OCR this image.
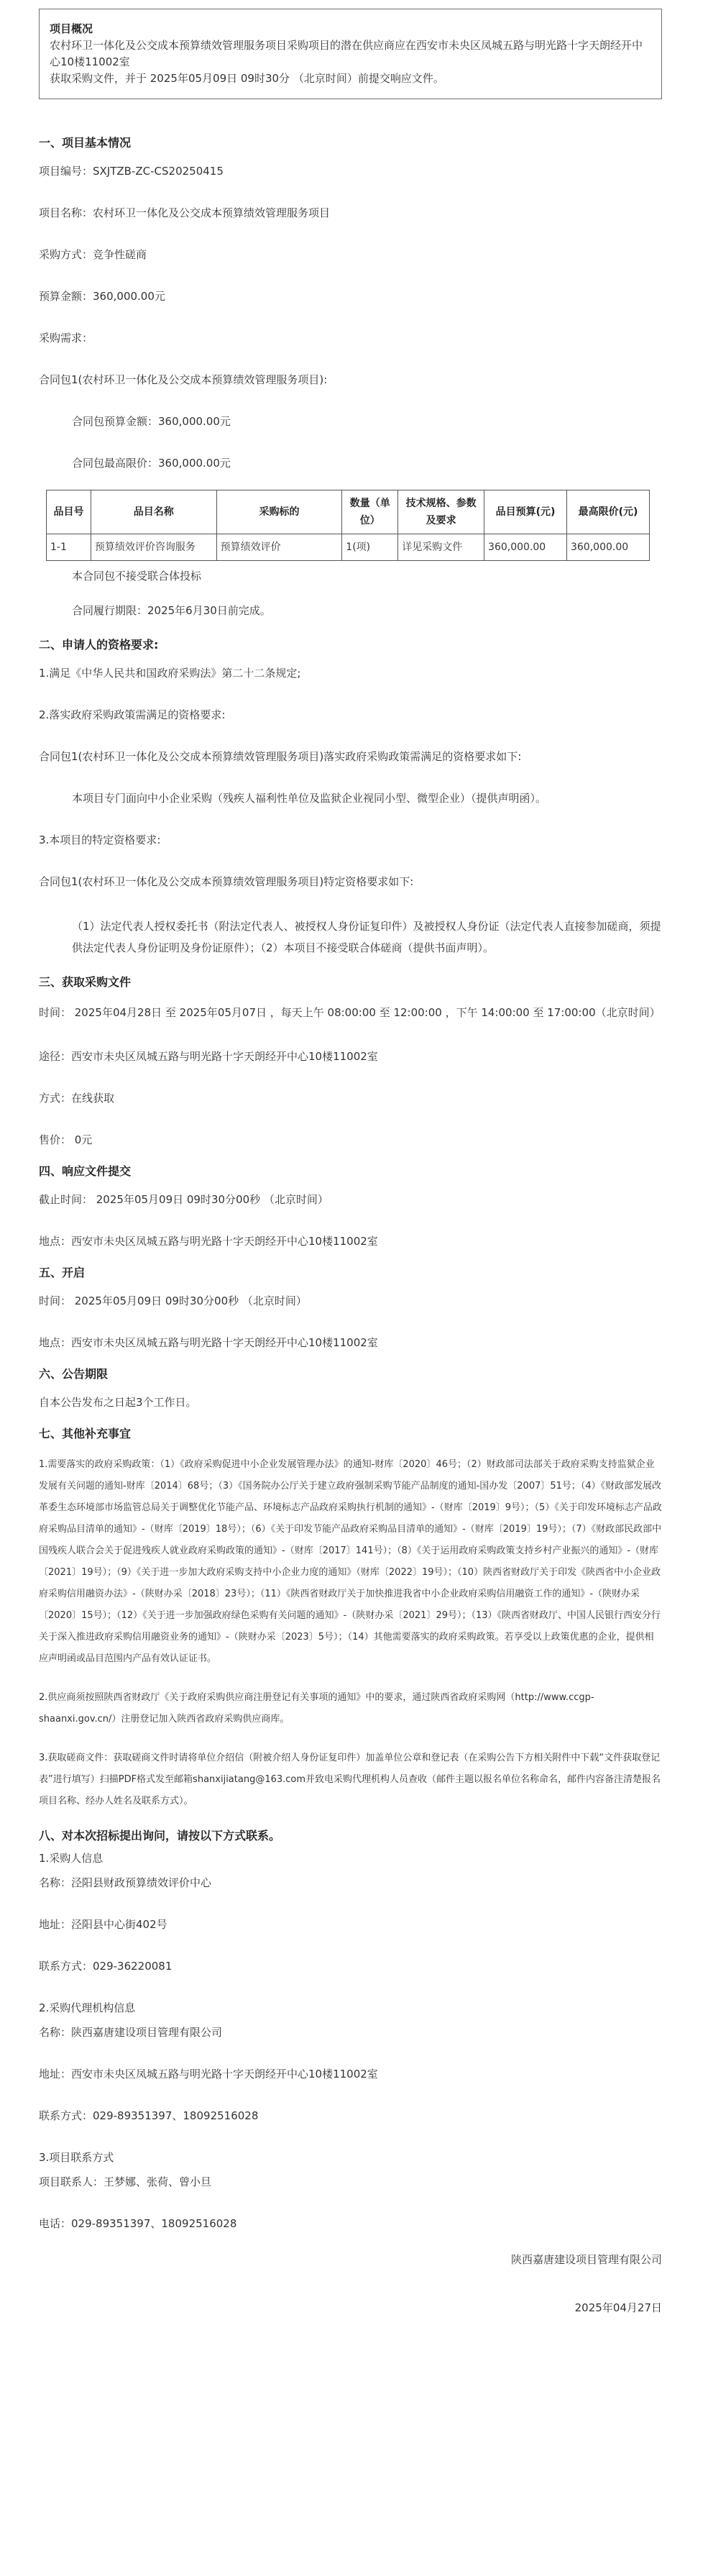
项目概况
农村环卫一体化及公交成本预算绩效管理服务项目采购项目的潜在供应商应在西安市未央区凤城五路与明光路十字天朗经开中心10楼11002室
获取采购文件，并于 2025年05月09日 09时30分 （北京时间）前提交响应文件。
一、项目基本情况
项目编号：SXJTZB-ZC-CS20250415
项目名称：农村环卫一体化及公交成本预算绩效管理服务项目
采购方式：竞争性磋商
预算金额：360,000.00元
采购需求：
合同包1(农村环卫一体化及公交成本预算绩效管理服务项目):
合同包预算金额：360,000.00元
合同包最高限价：360,000.00元
品目号	品目名称	采购标的	数量（单位）	技术规格、参数及要求	品目预算(元)	最高限价(元)
1-1	预算绩效评价咨询服务	预算绩效评价	1(项)	详见采购文件	360,000.00	360,000.00
本合同包不接受联合体投标
合同履行期限：2025年6月30日前完成。
二、申请人的资格要求:
1.满足《中华人民共和国政府采购法》第二十二条规定;
2.落实政府采购政策需满足的资格要求:
合同包1(农村环卫一体化及公交成本预算绩效管理服务项目)落实政府采购政策需满足的资格要求如下:
本项目专门面向中小企业采购（残疾人福利性单位及监狱企业视同小型、微型企业）（提供声明函）。
3.本项目的特定资格要求:
合同包1(农村环卫一体化及公交成本预算绩效管理服务项目)特定资格要求如下:
（1）法定代表人授权委托书（附法定代表人、被授权人身份证复印件）及被授权人身份证（法定代表人直接参加磋商，须提供法定代表人身份证明及身份证原件）；（2）本项目不接受联合体磋商（提供书面声明）。
三、获取采购文件
时间： 2025年04月28日 至 2025年05月07日 ，每天上午 08:00:00 至 12:00:00 ，下午 14:00:00 至 17:00:00（北京时间）
途径：西安市未央区凤城五路与明光路十字天朗经开中心10楼11002室
方式：在线获取
售价： 0元
四、响应文件提交
截止时间： 2025年05月09日 09时30分00秒 （北京时间）
地点：西安市未央区凤城五路与明光路十字天朗经开中心10楼11002室
五、开启
时间： 2025年05月09日 09时30分00秒 （北京时间）
地点：西安市未央区凤城五路与明光路十字天朗经开中心10楼11002室
六、公告期限
自本公告发布之日起3个工作日。
七、其他补充事宜
1.需要落实的政府采购政策：（1）《政府采购促进中小企业发展管理办法》的通知-财库〔2020〕46号；（2）财政部司法部关于政府采购支持监狱企业发展有关问题的通知-财库〔2014〕68号；（3）《国务院办公厅关于建立政府强制采购节能产品制度的通知-国办发〔2007〕51号；（4）《财政部发展改革委生态环境部市场监管总局关于调整优化节能产品、环境标志产品政府采购执行机制的通知》-（财库〔2019〕9号）；（5）《关于印发环境标志产品政府采购品目清单的通知》-（财库〔2019〕18号）；（6）《关于印发节能产品政府采购品目清单的通知》-（财库〔2019〕19号）；（7）《财政部民政部中国残疾人联合会关于促进残疾人就业政府采购政策的通知》-（财库〔2017〕141号）；（8）《关于运用政府采购政策支持乡村产业振兴的通知》-（财库〔2021〕19号）；（9）《关于进一步加大政府采购支持中小企业力度的通知》（财库〔2022〕19号）；（10）陕西省财政厅关于印发《陕西省中小企业政府采购信用融资办法》-（陕财办采〔2018〕23号）；（11）《陕西省财政厅关于加快推进我省中小企业政府采购信用融资工作的通知》-（陕财办采〔2020〕15号）；（12）《关于进一步加强政府绿色采购有关问题的通知》-（陕财办采〔2021〕29号）；（13）《陕西省财政厅、中国人民银行西安分行关于深入推进政府采购信用融资业务的通知》-（陕财办采〔2023〕5号）；（14）其他需要落实的政府采购政策。若享受以上政策优惠的企业，提供相应声明函或品目范围内产品有效认证证书。
2.供应商须按照陕西省财政厅《关于政府采购供应商注册登记有关事项的通知》中的要求，通过陕西省政府采购网（http://www.ccgp-shaanxi.gov.cn/）注册登记加入陕西省政府采购供应商库。
3.获取磋商文件：获取磋商文件时请将单位介绍信（附被介绍人身份证复印件）加盖单位公章和登记表（在采购公告下方相关附件中下载“文件获取登记表”进行填写）扫描PDF格式发至邮箱shanxijiatang@163.com并致电采购代理机构人员查收（邮件主题以报名单位名称命名，邮件内容备注清楚报名项目名称、经办人姓名及联系方式）。
八、对本次招标提出询问，请按以下方式联系。
1.采购人信息
名称：泾阳县财政预算绩效评价中心
地址：泾阳县中心街402号
联系方式：029-36220081
2.采购代理机构信息
名称：陕西嘉唐建设项目管理有限公司
地址：西安市未央区凤城五路与明光路十字天朗经开中心10楼11002室
联系方式：029-89351397、18092516028
3.项目联系方式
项目联系人：王梦娜、张荷、曾小旦
电话：029-89351397、18092516028
陕西嘉唐建设项目管理有限公司
2025年04月27日
